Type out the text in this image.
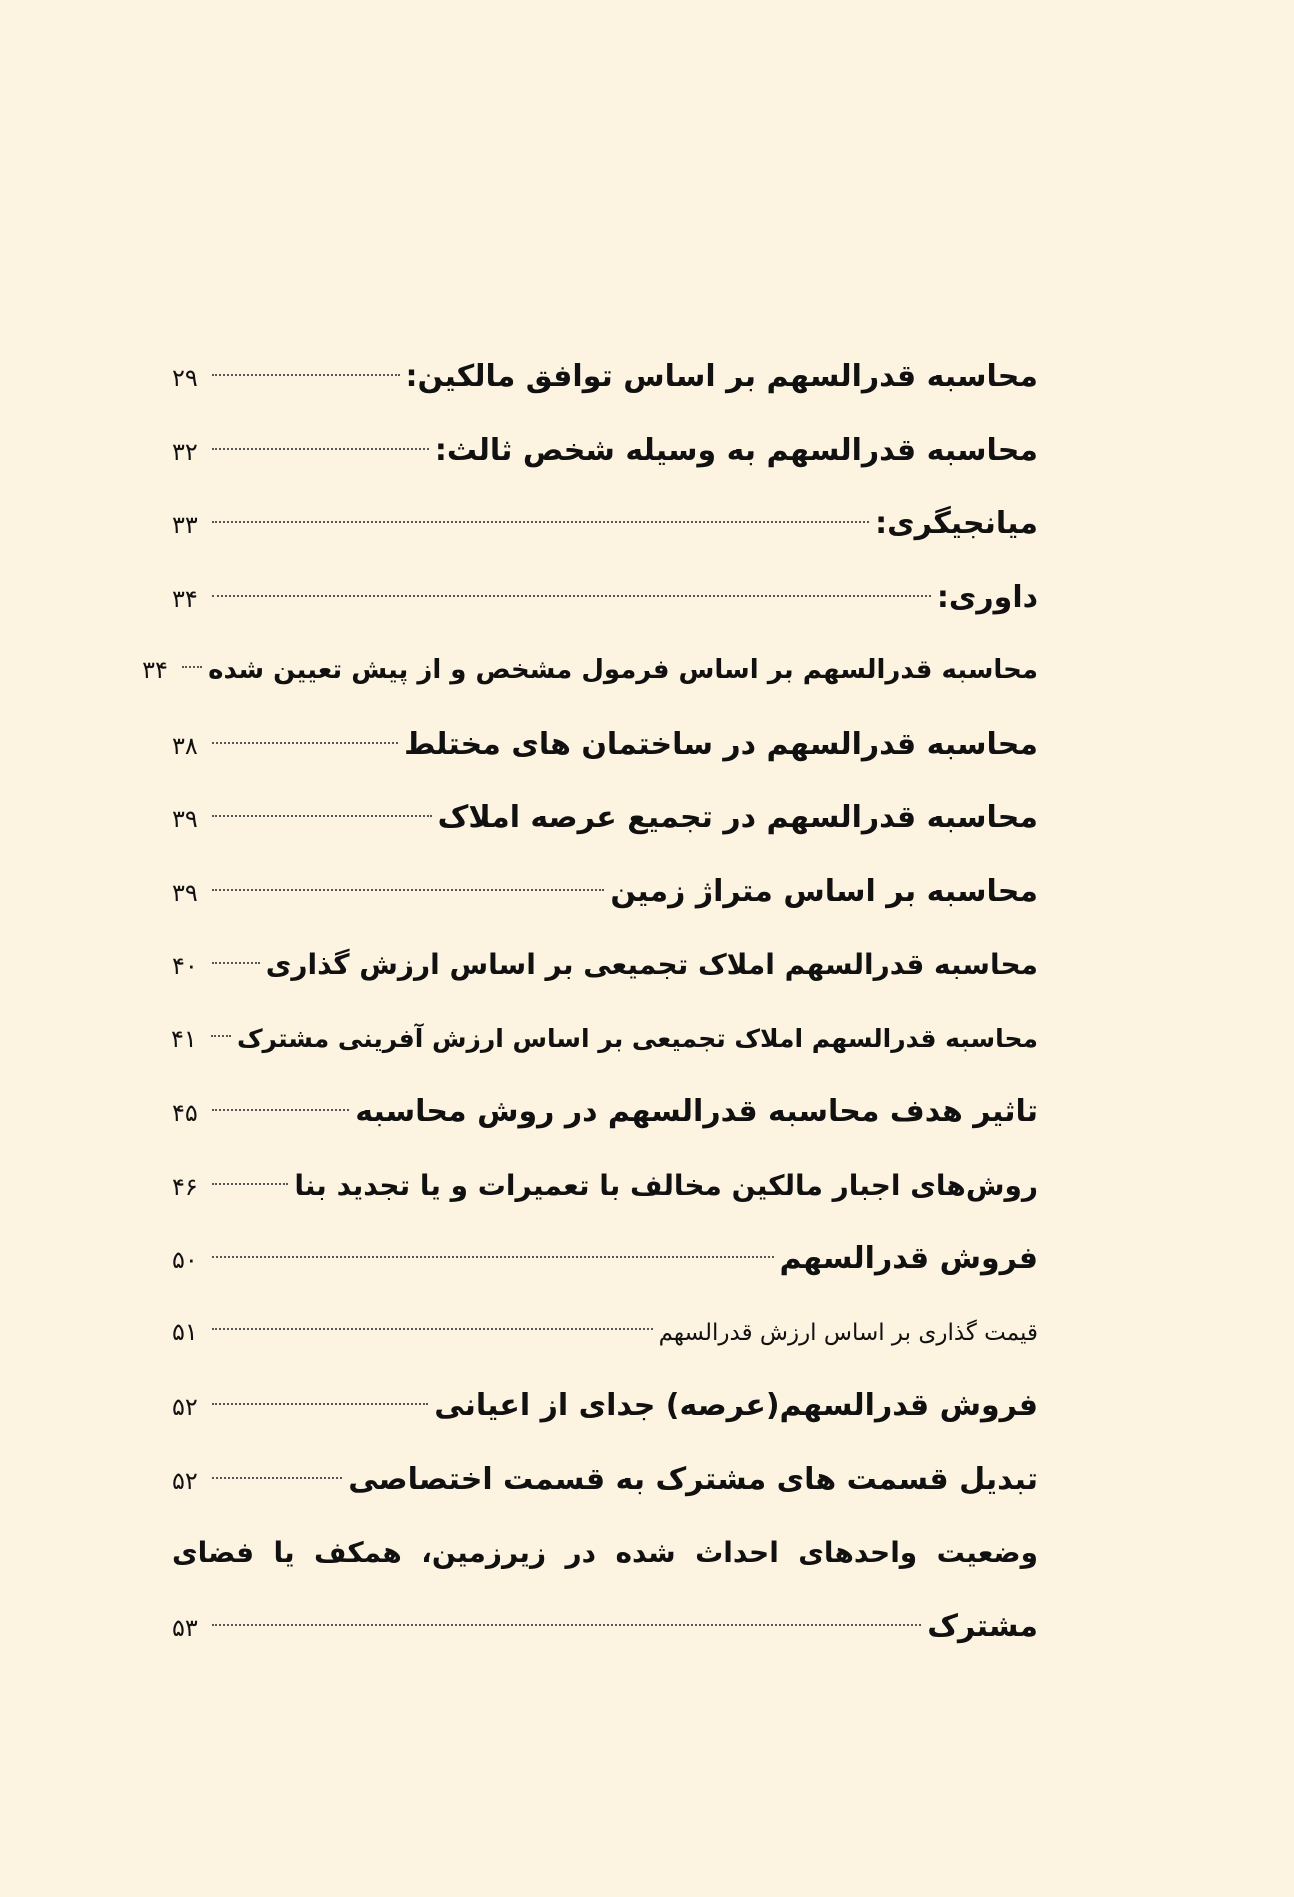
محاسبه قدرالسهم بر اساس توافق مالکین:
۲۹
محاسبه قدرالسهم به وسیله شخص ثالث:
۳۲
میانجیگری:
۳۳
داوری:
۳۴
محاسبه قدرالسهم بر اساس فرمول مشخص و از پیش تعیین شده
۳۴
محاسبه قدرالسهم در ساختمان های مختلط
۳۸
محاسبه قدرالسهم در تجمیع عرصه املاک
۳۹
محاسبه بر اساس متراژ زمین
۳۹
محاسبه قدرالسهم املاک تجمیعی بر اساس ارزش گذاری
۴۰
محاسبه قدرالسهم املاک تجمیعی بر اساس ارزش آفرینی مشترک
۴۱
تاثیر هدف محاسبه قدرالسهم در روش محاسبه
۴۵
روش‌های اجبار مالکین مخالف با تعمیرات و یا تجدید بنا
۴۶
فروش قدرالسهم
۵۰
قیمت گذاری بر اساس ارزش قدرالسهم
۵۱
فروش قدرالسهم(عرصه) جدای از اعیانی
۵۲
تبدیل قسمت های مشترک به قسمت اختصاصی
۵۲
وضعیت واحدهای احداث شده در زیرزمین، همکف یا فضای
مشترک
۵۳
